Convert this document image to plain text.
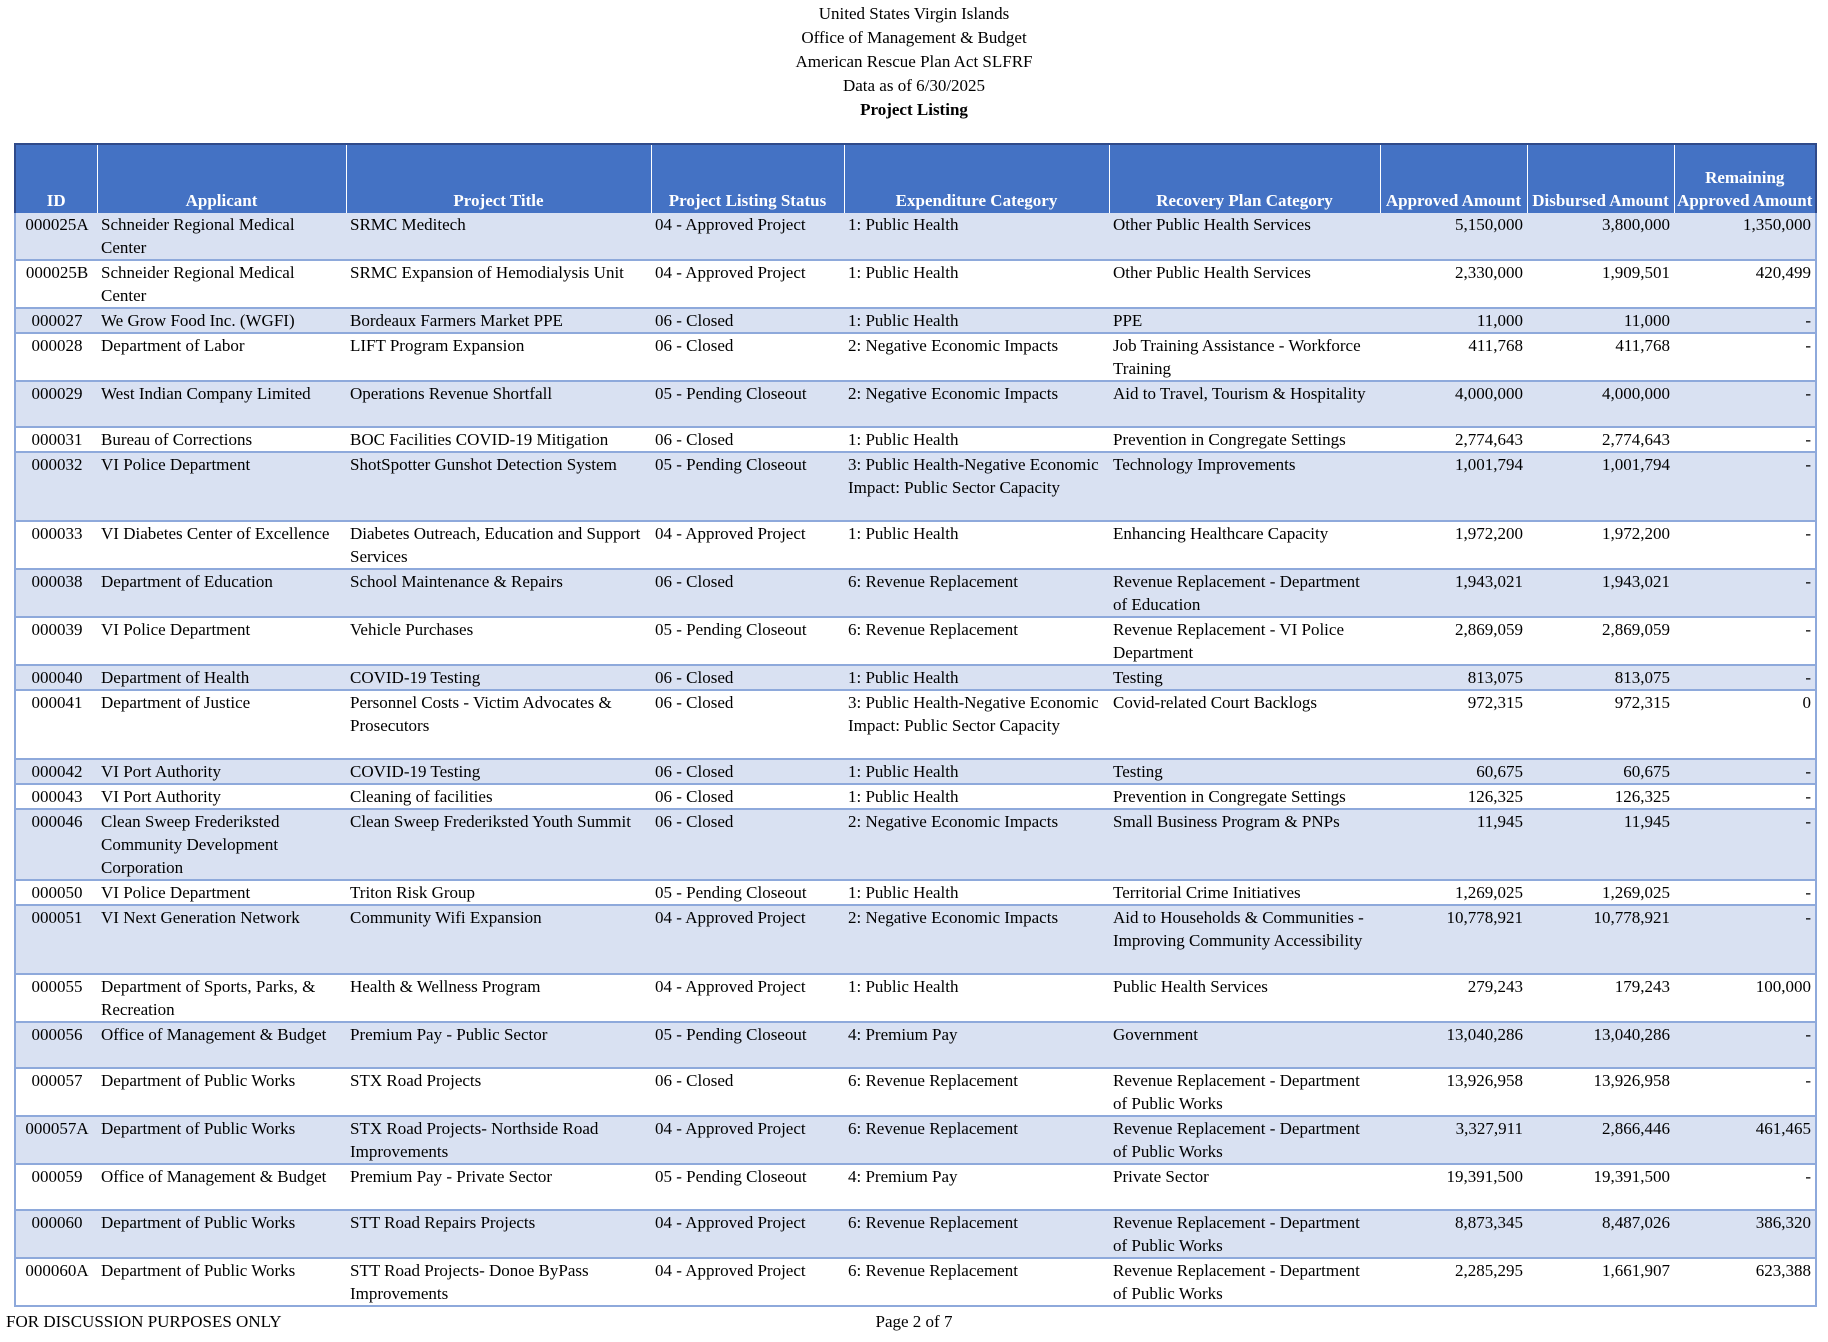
United States Virgin Islands
Office of Management & Budget
American Rescue Plan Act SLFRF
Data as of 6/30/2025
Project Listing
ID	Applicant	Project Title	Project Listing Status	Expenditure Category	Recovery Plan Category	Approved Amount	Disbursed Amount	Remaining Approved Amount
000025A	Schneider Regional Medical Center	SRMC Meditech	04 - Approved Project	1: Public Health	Other Public Health Services	5,150,000	3,800,000	1,350,000
000025B	Schneider Regional Medical Center	SRMC Expansion of Hemodialysis Unit	04 - Approved Project	1: Public Health	Other Public Health Services	2,330,000	1,909,501	420,499
000027	We Grow Food Inc. (WGFI)	Bordeaux Farmers Market PPE	06 - Closed	1: Public Health	PPE	11,000	11,000	-
000028	Department of Labor	LIFT Program Expansion	06 - Closed	2: Negative Economic Impacts	Job Training Assistance - Workforce Training	411,768	411,768	-
000029	West Indian Company Limited	Operations Revenue Shortfall	05 - Pending Closeout	2: Negative Economic Impacts	Aid to Travel, Tourism & Hospitality	4,000,000	4,000,000	-
000031	Bureau of Corrections	BOC Facilities COVID-19 Mitigation	06 - Closed	1: Public Health	Prevention in Congregate Settings	2,774,643	2,774,643	-
000032	VI Police Department	ShotSpotter Gunshot Detection System	05 - Pending Closeout	3: Public Health-Negative Economic Impact: Public Sector Capacity	Technology Improvements	1,001,794	1,001,794	-
000033	VI Diabetes Center of Excellence	Diabetes Outreach, Education and Support Services	04 - Approved Project	1: Public Health	Enhancing Healthcare Capacity	1,972,200	1,972,200	-
000038	Department of Education	School Maintenance & Repairs	06 - Closed	6: Revenue Replacement	Revenue Replacement - Department of Education	1,943,021	1,943,021	-
000039	VI Police Department	Vehicle Purchases	05 - Pending Closeout	6: Revenue Replacement	Revenue Replacement - VI Police Department	2,869,059	2,869,059	-
000040	Department of Health	COVID-19 Testing	06 - Closed	1: Public Health	Testing	813,075	813,075	-
000041	Department of Justice	Personnel Costs - Victim Advocates & Prosecutors	06 - Closed	3: Public Health-Negative Economic Impact: Public Sector Capacity	Covid-related Court Backlogs	972,315	972,315	0
000042	VI Port Authority	COVID-19 Testing	06 - Closed	1: Public Health	Testing	60,675	60,675	-
000043	VI Port Authority	Cleaning of facilities	06 - Closed	1: Public Health	Prevention in Congregate Settings	126,325	126,325	-
000046	Clean Sweep Frederiksted Community Development Corporation	Clean Sweep Frederiksted Youth Summit	06 - Closed	2: Negative Economic Impacts	Small Business Program & PNPs	11,945	11,945	-
000050	VI Police Department	Triton Risk Group	05 - Pending Closeout	1: Public Health	Territorial Crime Initiatives	1,269,025	1,269,025	-
000051	VI Next Generation Network	Community Wifi Expansion	04 - Approved Project	2: Negative Economic Impacts	Aid to Households & Communities - Improving Community Accessibility	10,778,921	10,778,921	-
000055	Department of Sports, Parks, & Recreation	Health & Wellness Program	04 - Approved Project	1: Public Health	Public Health Services	279,243	179,243	100,000
000056	Office of Management & Budget	Premium Pay - Public Sector	05 - Pending Closeout	4: Premium Pay	Government	13,040,286	13,040,286	-
000057	Department of Public Works	STX Road Projects	06 - Closed	6: Revenue Replacement	Revenue Replacement - Department of Public Works	13,926,958	13,926,958	-
000057A	Department of Public Works	STX Road Projects- Northside Road Improvements	04 - Approved Project	6: Revenue Replacement	Revenue Replacement - Department of Public Works	3,327,911	2,866,446	461,465
000059	Office of Management & Budget	Premium Pay - Private Sector	05 - Pending Closeout	4: Premium Pay	Private Sector	19,391,500	19,391,500	-
000060	Department of Public Works	STT Road Repairs Projects	04 - Approved Project	6: Revenue Replacement	Revenue Replacement - Department of Public Works	8,873,345	8,487,026	386,320
000060A	Department of Public Works	STT Road Projects- Donoe ByPass Improvements	04 - Approved Project	6: Revenue Replacement	Revenue Replacement - Department of Public Works	2,285,295	1,661,907	623,388
FOR DISCUSSION PURPOSES ONLY	Page 2 of 7
